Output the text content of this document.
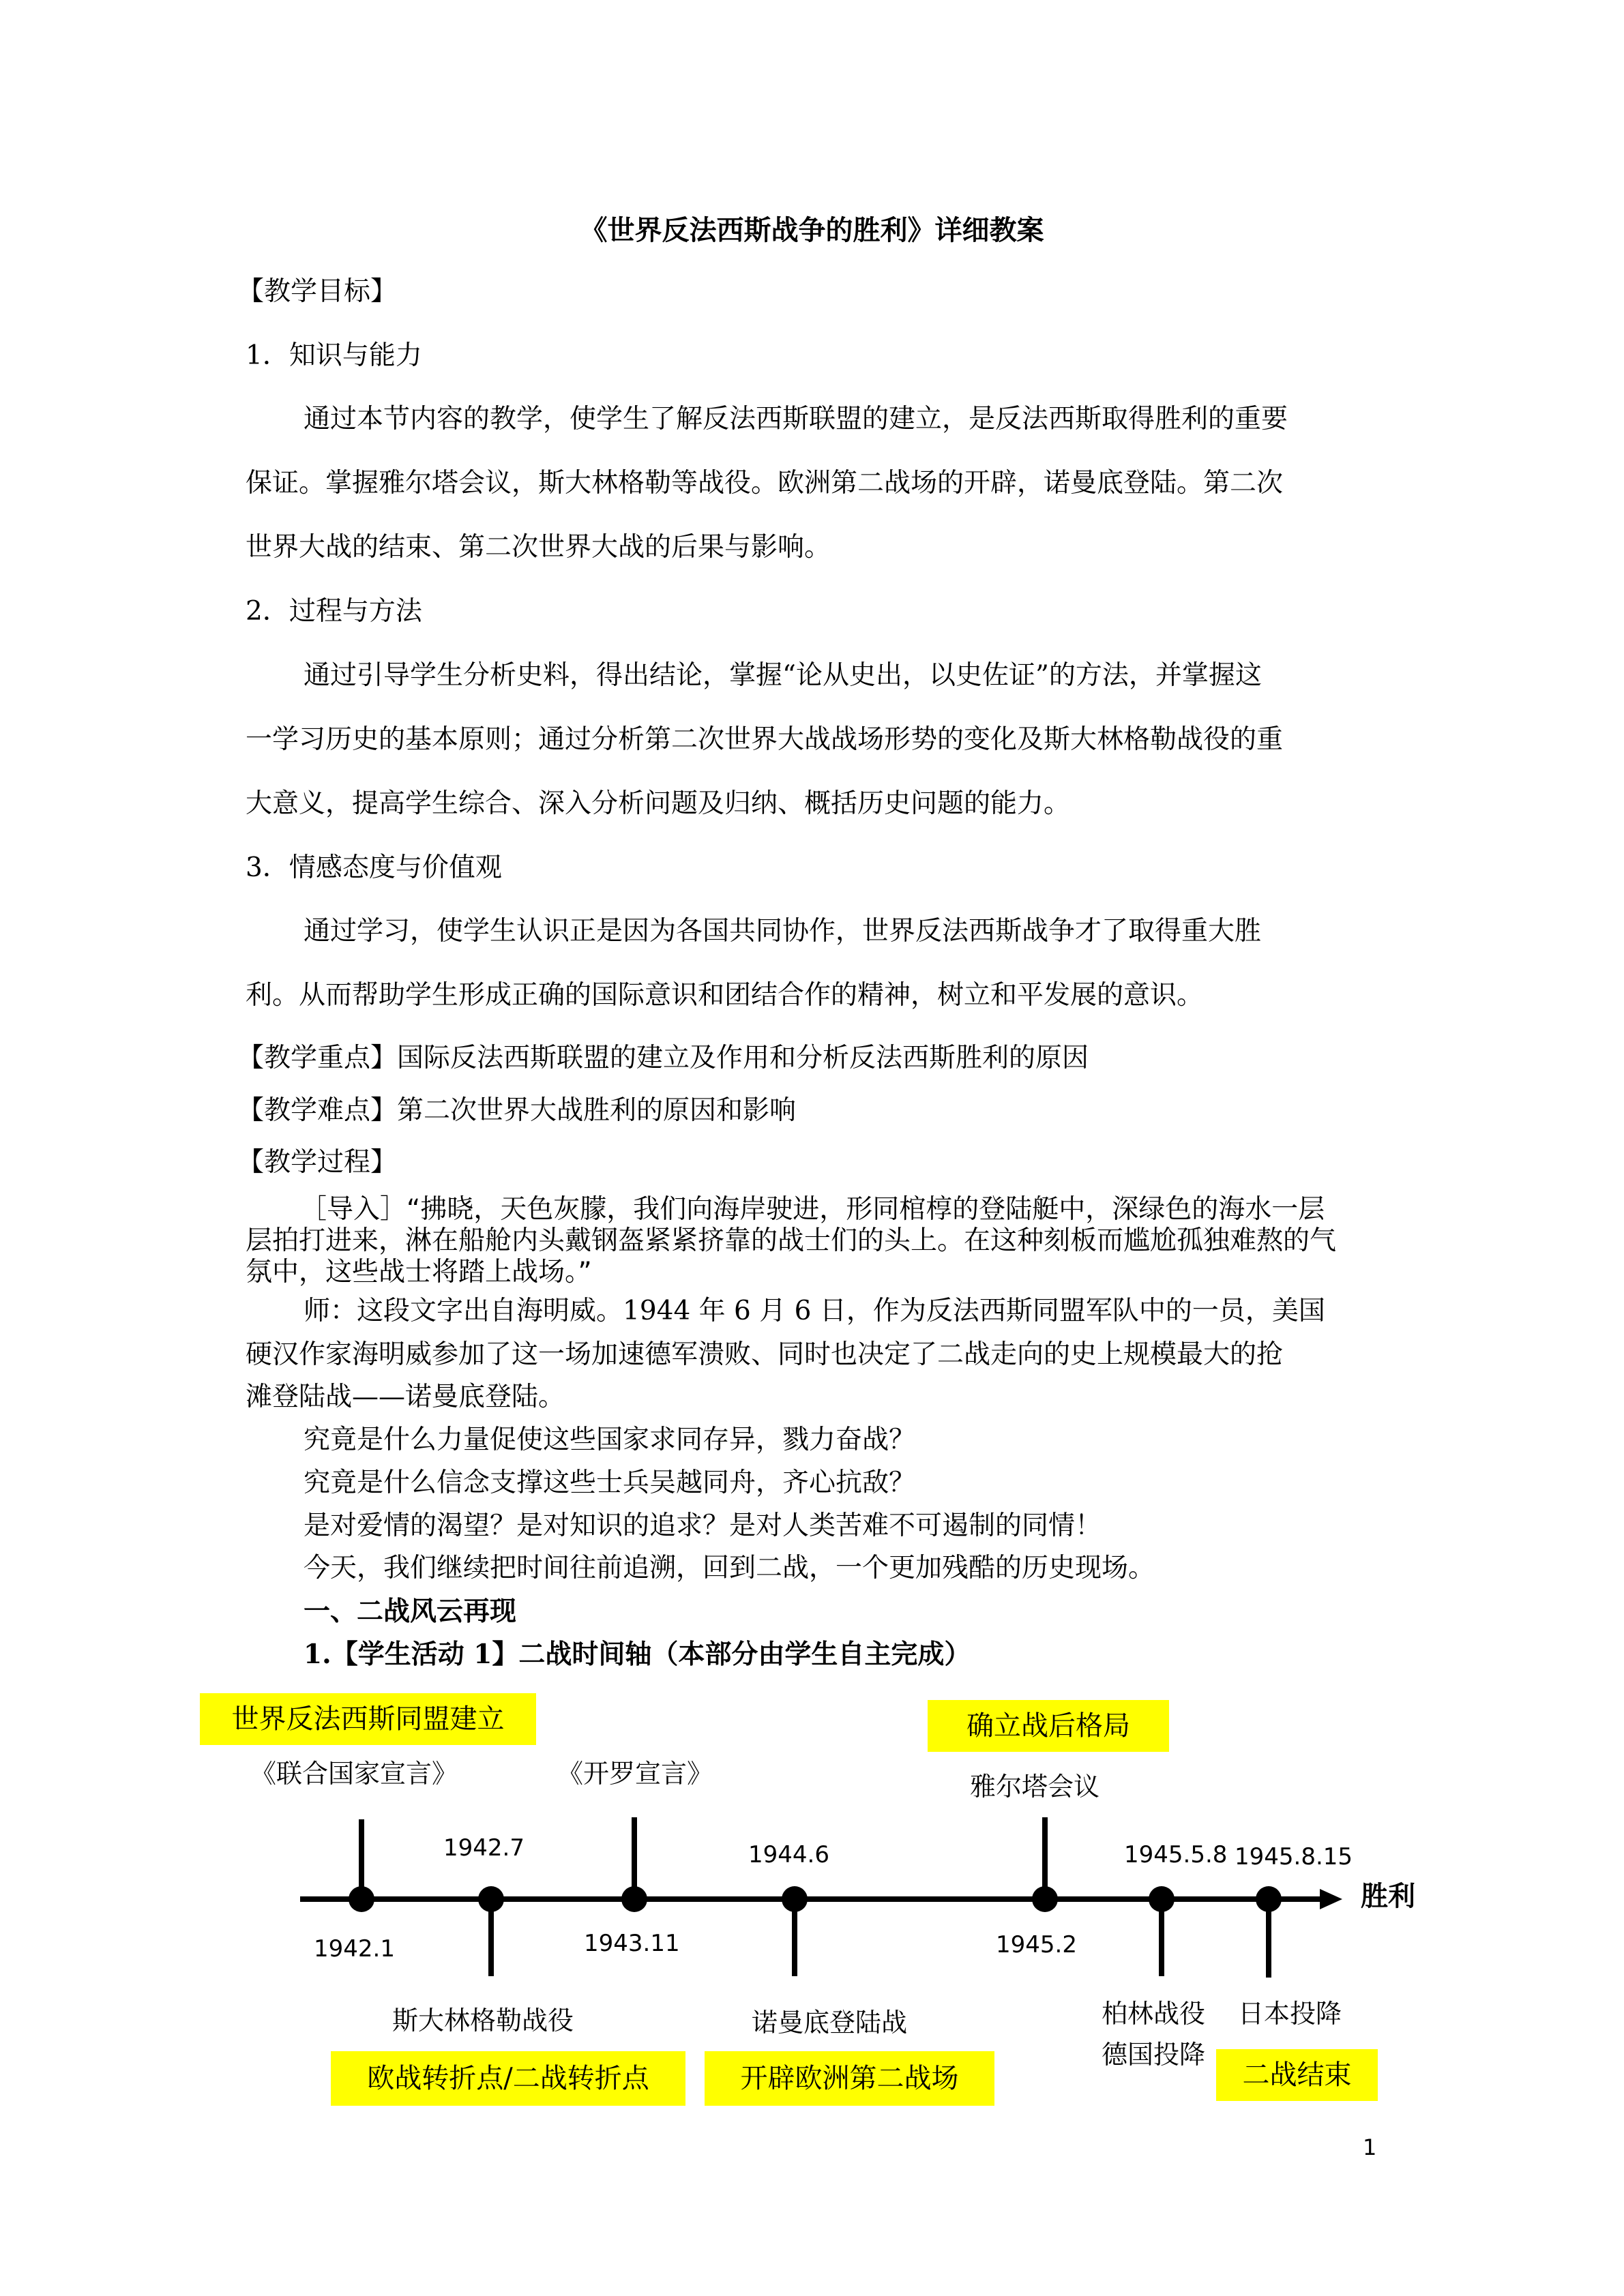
《世界反法西斯战争的胜利》详细教案
【教学目标】
1．知识与能力
通过本节内容的教学，使学生了解反法西斯联盟的建立，是反法西斯取得胜利的重要
保证。掌握雅尔塔会议，斯大林格勒等战役。欧洲第二战场的开辟，诺曼底登陆。第二次
世界大战的结束、第二次世界大战的后果与影响。
2．过程与方法
通过引导学生分析史料，得出结论，掌握“论从史出，以史佐证”的方法，并掌握这
一学习历史的基本原则；通过分析第二次世界大战战场形势的变化及斯大林格勒战役的重
大意义，提高学生综合、深入分析问题及归纳、概括历史问题的能力。
3．情感态度与价值观
通过学习，使学生认识正是因为各国共同协作，世界反法西斯战争才了取得重大胜
利。从而帮助学生形成正确的国际意识和团结合作的精神，树立和平发展的意识。
【教学重点】国际反法西斯联盟的建立及作用和分析反法西斯胜利的原因
【教学难点】第二次世界大战胜利的原因和影响
【教学过程】
［导入］“拂晓，天色灰朦，我们向海岸驶进，形同棺椁的登陆艇中，深绿色的海水一层
层拍打进来，淋在船舱内头戴钢盔紧紧挤靠的战士们的头上。在这种刻板而尴尬孤独难熬的气
氛中，这些战士将踏上战场。”
师：这段文字出自海明威。1944 年 6 月 6 日，作为反法西斯同盟军队中的一员，美国
硬汉作家海明威参加了这一场加速德军溃败、同时也决定了二战走向的史上规模最大的抢
滩登陆战——诺曼底登陆。
究竟是什么力量促使这些国家求同存异，戮力奋战？
究竟是什么信念支撑这些士兵吴越同舟，齐心抗敌？
是对爱情的渴望？是对知识的追求？是对人类苦难不可遏制的同情！
今天，我们继续把时间往前追溯，回到二战，一个更加残酷的历史现场。
一、二战风云再现
1.【学生活动 1】二战时间轴（本部分由学生自主完成）
世界反法西斯同盟建立	确立战后格局
欧战转折点/二战转折点	开辟欧洲第二战场	二战结束
《联合国家宣言》	《开罗宣言》	雅尔塔会议
斯大林格勒战役	诺曼底登陆战	柏林战役
德国投降
日本投降
1942.1
1942.7
1943.11
1944.6
1945.2
1945.5.8 1945.8.15
胜利
1
